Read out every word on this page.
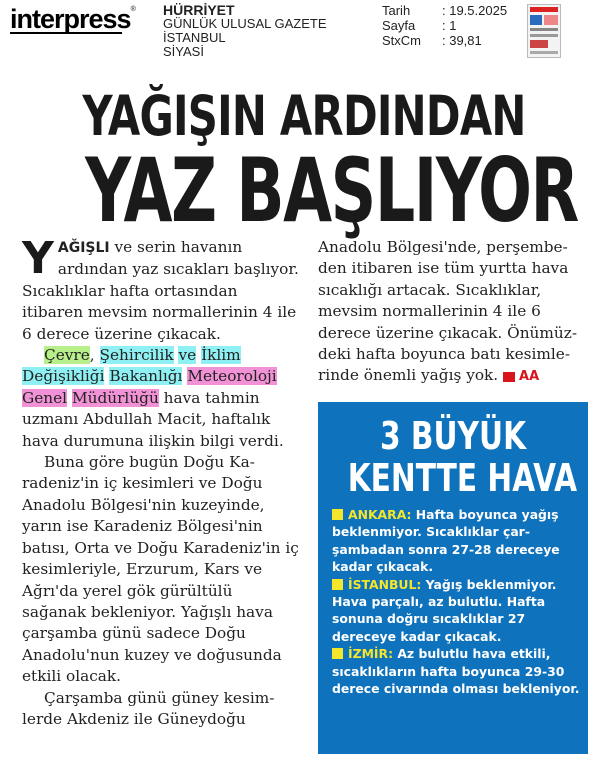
interpress® HÜRRİYET
GÜNLÜK ULUSAL GAZETE
İSTANBUL
SİYASİ
Tarih	: 19.5.2025
Sayfa	: 1
StxCm	: 39,81
YAĞIŞIN ARDINDAN
YAZ BAŞLIYOR

YAĞIŞLI ve serin havanın ardından yaz sıcakları başlıyor. Sıcaklıklar hafta ortasından itibaren mevsim normallerinin 4 ile 6 derece üzerine çıkacak.

Çevre, Şehircilik ve İklim Değişikliği Bakanlığı Meteoroloji Genel Müdürlüğü hava tahmin uzmanı Abdullah Macit, haftalık hava durumuna ilişkin bilgi verdi.

Buna göre bugün Doğu Karadeniz'in iç kesimleri ve Doğu Anadolu Bölgesi'nin kuzeyinde, yarın ise Karadeniz Bölgesi'nin batısı, Orta ve Doğu Karadeniz'in iç kesimleriyle, Erzurum, Kars ve Ağrı'da yerel gök gürültülü sağanak bekleniyor. Yağışlı hava çarşamba günü sadece Doğu Anadolu'nun kuzey ve doğusunda etkili olacak.

Çarşamba günü güney kesimlerde Akdeniz ile Güneydoğu

Anadolu Bölgesi'nde, perşembeden itibaren ise tüm yurtta hava sıcaklığı artacak. Sıcaklıklar, mevsim normallerinin 4 ile 6 derece üzerine çıkacak. Önümüzdeki hafta boyunca batı kesimlerinde önemli yağış yok. AA

3 BÜYÜK
KENTTE HAVA

ANKARA: Hafta boyunca yağış beklenmiyor. Sıcaklıklar çarşambadan sonra 27-28 dereceye kadar çıkacak.

İSTANBUL: Yağış beklenmiyor. Hava parçalı, az bulutlu. Hafta sonuna doğru sıcaklıklar 27 dereceye kadar çıkacak.

İZMİR: Az bulutlu hava etkili, sıcaklıkların hafta boyunca 29-30 derece civarında olması bekleniyor.
